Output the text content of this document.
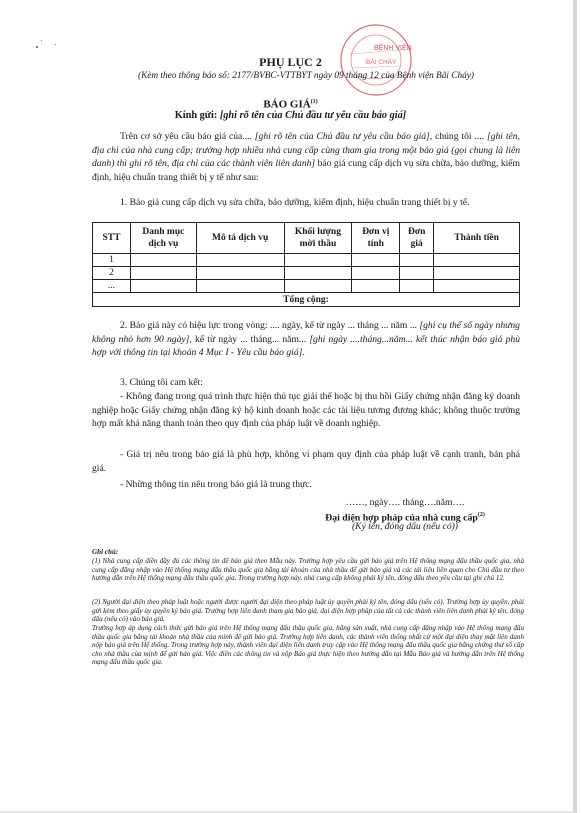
BỆNH VIỆN
BÃI CHÁY
PHỤ LỤC 2
(Kèm theo thông báo số: 2177/BVBC-VTTBYT ngày 09 tháng 12 của Bệnh viện Bãi Cháy)
BÁO GIÁ$^{(1)}$
Kính gửi: [ghi rõ tên của Chủ đầu tư yêu cầu báo giá]
Trên cơ sở yêu cầu báo giá của.... [ghi rõ tên của Chủ đầu tư yêu cầu báo giá], chúng tôi .... [ghi tên, địa chỉ của nhà cung cấp; trường hợp nhiều nhà cung cấp cùng tham gia trong một báo giá (gọi chung là liên danh) thì ghi rõ tên, địa chỉ của các thành viên liên danh] báo giá cung cấp dịch vụ sửa chữa, bảo dưỡng, kiểm định, hiệu chuẩn trang thiết bị y tế như sau:
1. Báo giá cung cấp dịch vụ sửa chữa, bảo dưỡng, kiểm định, hiệu chuẩn trang thiết bị y tế.
STT	Danh mục dịch vụ	Mô tả dịch vụ	Khối lượng mời thầu	Đơn vị tính	Đơn giá	Thành tiền
1						
2						
...						
Tổng cộng:						
2. Báo giá này có hiệu lực trong vòng: .... ngày, kể từ ngày ... tháng ... năm ... [ghi cụ thể số ngày nhưng không nhỏ hơn 90 ngày], kể từ ngày ... tháng... năm... [ghi ngày ....tháng...năm... kết thúc nhận báo giá phù hợp với thông tin tại khoản 4 Mục I - Yêu cầu báo giá].
3. Chúng tôi cam kết:
- Không đang trong quá trình thực hiện thủ tục giải thể hoặc bị thu hồi Giấy chứng nhận đăng ký doanh nghiệp hoặc Giấy chứng nhận đăng ký hộ kinh doanh hoặc các tài liệu tương đương khác; không thuộc trường hợp mất khả năng thanh toán theo quy định của pháp luật về doanh nghiệp.
- Giá trị nêu trong báo giá là phù hợp, không vi phạm quy định của pháp luật về cạnh tranh, bán phá giá.
- Những thông tin nêu trong báo giá là trung thực.
……, ngày…. tháng….năm….
Đại diện hợp pháp của nhà cung cấp$^{(2)}$
(Ký tên, đóng dấu (nếu có))
Ghi chú:
(1) Nhà cung cấp điền đầy đủ các thông tin để báo giá theo Mẫu này. Trường hợp yêu cầu gửi báo giá trên Hệ thống mạng đấu thầu quốc gia, nhà cung cấp đăng nhập vào Hệ thống mạng đấu thầu quốc gia bằng tài khoản của nhà thầu để gửi báo giá và các tài liệu liên quan cho Chủ đầu tư theo hướng dẫn trên Hệ thống mạng đấu thầu quốc gia. Trong trường hợp này, nhà cung cấp không phải ký tên, đóng dấu theo yêu cầu tại ghi chú 12.
(2) Người đại diện theo pháp luật hoặc người được người đại diện theo pháp luật ủy quyền phải ký tên, đóng dấu (nếu có). Trường hợp ủy quyền, phải gửi kèm theo giấy ủy quyền ký báo giá. Trường hợp liên danh tham gia báo giá, đại diện hợp pháp của tất cả các thành viên liên danh phải ký tên, đóng dấu (nếu có) vào báo giá.
Trường hợp áp dụng cách thức gửi báo giá trên Hệ thống mạng đấu thầu quốc gia, hãng sản xuất, nhà cung cấp đăng nhập vào Hệ thống mạng đấu thầu quốc gia bằng tài khoản nhà thầu của mình để gửi báo giá. Trường hợp liên danh, các thành viên thống nhất cử một đại diện thay mặt liên danh nộp báo giá trên Hệ thống. Trong trường hợp này, thành viên đại diện liên danh truy cập vào Hệ thống mạng đấu thầu quốc gia bằng chứng thư số cấp cho nhà thầu của mình để gửi báo giá. Việc điền các thông tin và nộp Báo giá thực hiện theo hướng dẫn tại Mẫu Báo giá và hướng dẫn trên Hệ thống mạng đấu thầu quốc gia.
